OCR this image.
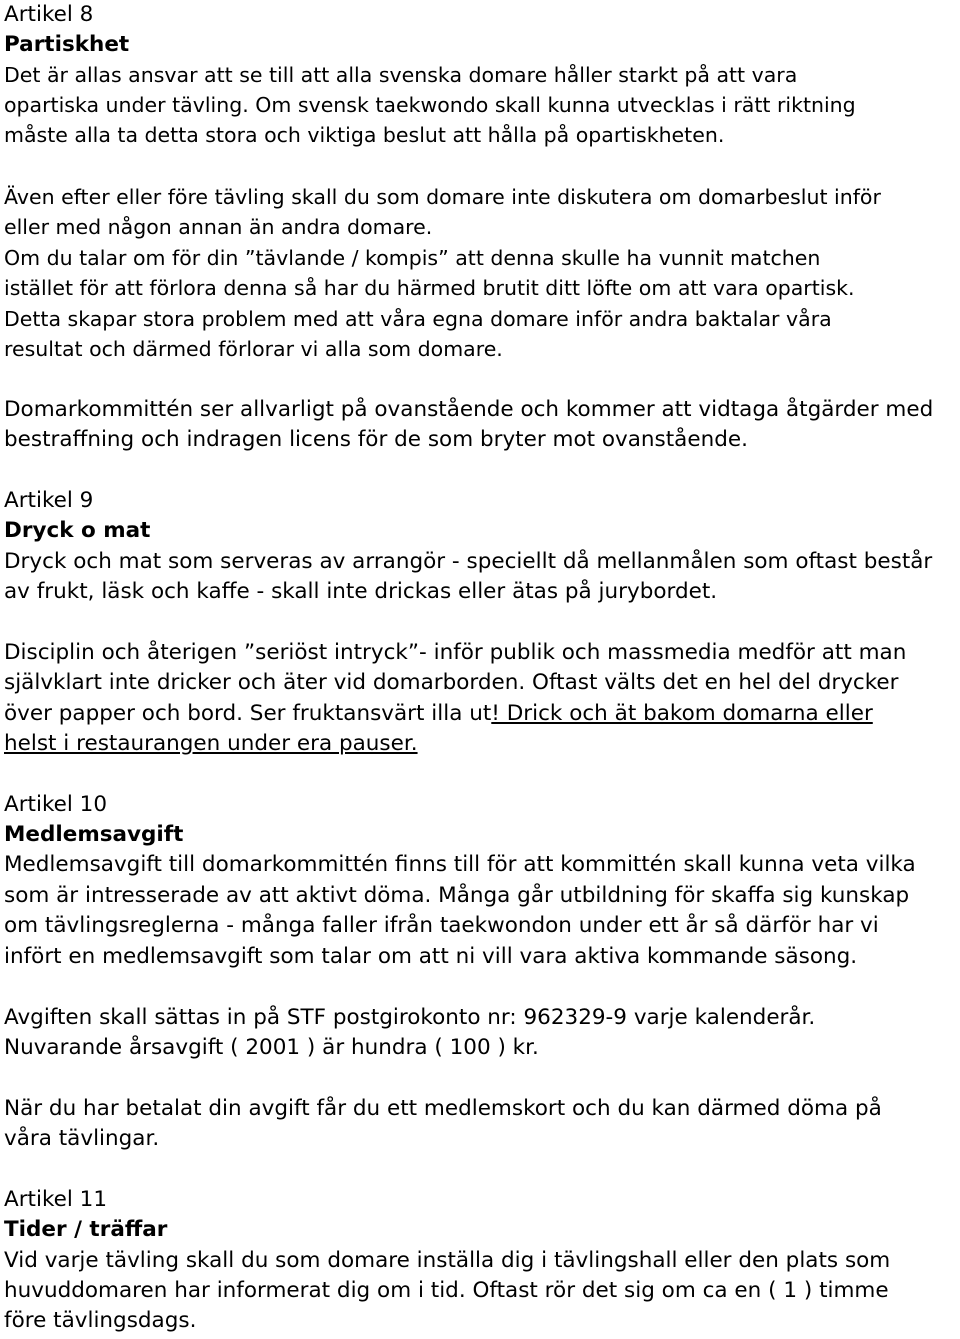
Artikel 8
Partiskhet
Det är allas ansvar att se till att alla svenska domare håller starkt på att vara
opartiska under tävling. Om svensk taekwondo skall kunna utvecklas i rätt riktning
måste alla ta detta stora och viktiga beslut att hålla på opartiskheten.
Även efter eller före tävling skall du som domare inte diskutera om domarbeslut inför
eller med någon annan än andra domare.
Om du talar om för din ”tävlande / kompis” att denna skulle ha vunnit matchen
istället för att förlora denna så har du härmed brutit ditt löfte om att vara opartisk.
Detta skapar stora problem med att våra egna domare inför andra baktalar våra
resultat och därmed förlorar vi alla som domare.
Domarkommittén ser allvarligt på ovanstående och kommer att vidtaga åtgärder med
bestraffning och indragen licens för de som bryter mot ovanstående.
Artikel 9
Dryck o mat
Dryck och mat som serveras av arrangör - speciellt då mellanmålen som oftast består
av frukt, läsk och kaffe - skall inte drickas eller ätas på jurybordet.
Disciplin och återigen ”seriöst intryck”- inför publik och massmedia medför att man
självklart inte dricker och äter vid domarborden. Oftast välts det en hel del drycker
över papper och bord. Ser fruktansvärt illa ut! Drick och ät bakom domarna eller
helst i restaurangen under era pauser.
Artikel 10
Medlemsavgift
Medlemsavgift till domarkommittén finns till för att kommittén skall kunna veta vilka
som är intresserade av att aktivt döma. Många går utbildning för skaffa sig kunskap
om tävlingsreglerna - många faller ifrån taekwondon under ett år så därför har vi
infört en medlemsavgift som talar om att ni vill vara aktiva kommande säsong.
Avgiften skall sättas in på STF postgirokonto nr: 962329-9 varje kalenderår.
Nuvarande årsavgift ( 2001 ) är hundra ( 100 ) kr.
När du har betalat din avgift får du ett medlemskort och du kan därmed döma på
våra tävlingar.
Artikel 11
Tider / träffar
Vid varje tävling skall du som domare inställa dig i tävlingshall eller den plats som
huvuddomaren har informerat dig om i tid. Oftast rör det sig om ca en ( 1 ) timme
före tävlingsdags.
